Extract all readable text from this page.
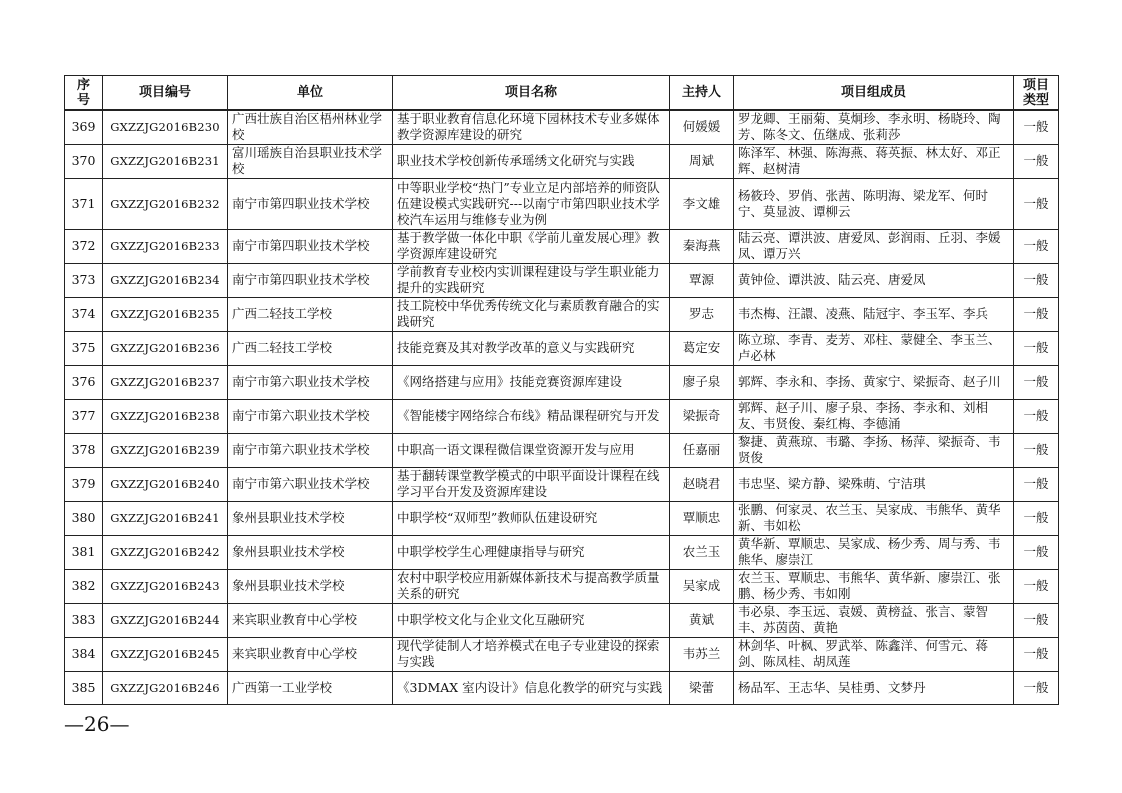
序号	项目编号	单位	项目名称	主持人	项目组成员	项目类型
369	GXZZJG2016B230	广西壮族自治区梧州林业学校	基于职业教育信息化环境下园林技术专业多媒体教学资源库建设的研究	何媛媛	罗龙卿、王丽菊、莫炯珍、李永明、杨晓玲、陶芳、陈冬文、伍继成、张莉莎	一般
370	GXZZJG2016B231	富川瑶族自治县职业技术学校	职业技术学校创新传承瑶绣文化研究与实践	周斌	陈泽军、林强、陈海燕、蒋英振、林太好、邓正辉、赵树清	一般
371	GXZZJG2016B232	南宁市第四职业技术学校	中等职业学校“热门”专业立足内部培养的师资队伍建设模式实践研究---以南宁市第四职业技术学校汽车运用与维修专业为例	李文雄	杨筱玲、罗俏、张茜、陈明海、梁龙军、何时宁、莫显波、谭柳云	一般
372	GXZZJG2016B233	南宁市第四职业技术学校	基于教学做一体化中职《学前儿童发展心理》教学资源库建设研究	秦海燕	陆云亮、谭洪波、唐爱凤、彭润雨、丘羽、李媛凤、谭万兴	一般
373	GXZZJG2016B234	南宁市第四职业技术学校	学前教育专业校内实训课程建设与学生职业能力提升的实践研究	覃源	黄钟俭、谭洪波、陆云亮、唐爱凤	一般
374	GXZZJG2016B235	广西二轻技工学校	技工院校中华优秀传统文化与素质教育融合的实践研究	罗志	韦杰梅、汪譞、凌燕、陆冠宇、李玉军、李兵	一般
375	GXZZJG2016B236	广西二轻技工学校	技能竞赛及其对教学改革的意义与实践研究	葛定安	陈立琼、李青、麦芳、邓柱、蒙健全、李玉兰、卢必林	一般
376	GXZZJG2016B237	南宁市第六职业技术学校	《网络搭建与应用》技能竞赛资源库建设	廖子泉	郭辉、李永和、李扬、黄家宁、梁振奇、赵子川	一般
377	GXZZJG2016B238	南宁市第六职业技术学校	《智能楼宇网络综合布线》精品课程研究与开发	梁振奇	郭辉、赵子川、廖子泉、李扬、李永和、刘相友、韦贤俊、秦红梅、李德涌	一般
378	GXZZJG2016B239	南宁市第六职业技术学校	中职高一语文课程微信课堂资源开发与应用	任嘉丽	黎捷、黄燕琼、韦璐、李扬、杨萍、梁振奇、韦贤俊	一般
379	GXZZJG2016B240	南宁市第六职业技术学校	基于翻转课堂教学模式的中职平面设计课程在线学习平台开发及资源库建设	赵晓君	韦忠坚、梁方静、梁殊萌、宁洁琪	一般
380	GXZZJG2016B241	象州县职业技术学校	中职学校“双师型”教师队伍建设研究	覃顺忠	张鹏、何家灵、农兰玉、吴家成、韦熊华、黄华新、韦如松	一般
381	GXZZJG2016B242	象州县职业技术学校	中职学校学生心理健康指导与研究	农兰玉	黄华新、覃顺忠、吴家成、杨少秀、周与秀、韦熊华、廖崇江	一般
382	GXZZJG2016B243	象州县职业技术学校	农村中职学校应用新媒体新技术与提高教学质量关系的研究	吴家成	农兰玉、覃顺忠、韦熊华、黄华新、廖崇江、张鹏、杨少秀、韦如刚	一般
383	GXZZJG2016B244	来宾职业教育中心学校	中职学校文化与企业文化互融研究	黄斌	韦必泉、李玉远、袁媛、黄榜益、张言、蒙智丰、苏茵茵、黄艳	一般
384	GXZZJG2016B245	来宾职业教育中心学校	现代学徒制人才培养模式在电子专业建设的探索与实践	韦苏兰	林剑华、叶枫、罗武举、陈鑫洋、何雪元、蒋剑、陈凤桂、胡凤莲	一般
385	GXZZJG2016B246	广西第一工业学校	《3DMAX 室内设计》信息化教学的研究与实践	梁蕾	杨品军、王志华、吴桂勇、文梦丹	一般
—26—
